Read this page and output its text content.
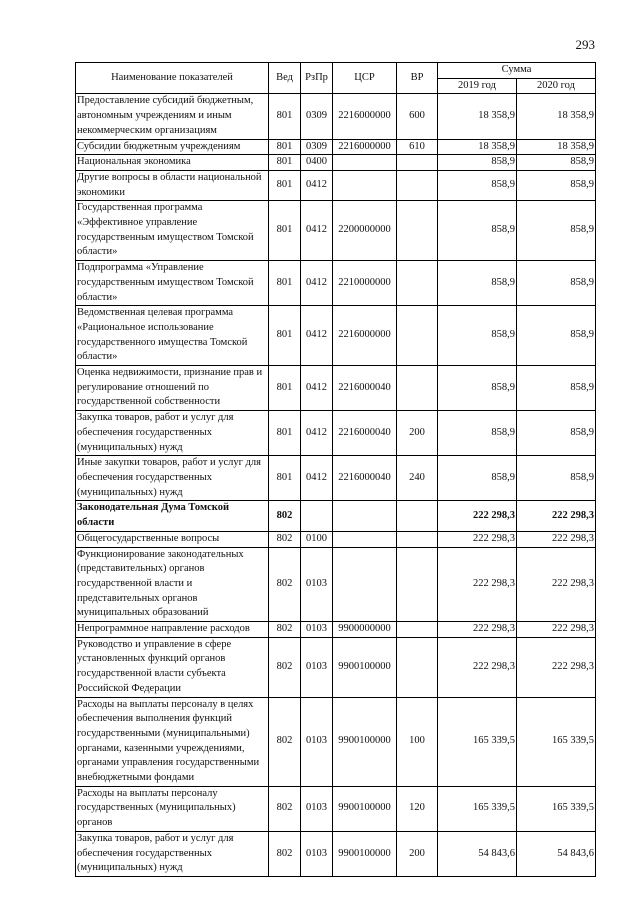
293
Наименование показателей	Вед	РзПр	ЦСР	ВР	Сумма	
					2019 год	2020 год
Предоставление субсидий бюджетным, автономным учреждениям и иным некоммерческим организациям	801	0309	2216000000	600	18 358,9	18 358,9
Субсидии бюджетным учреждениям	801	0309	2216000000	610	18 358,9	18 358,9
Национальная экономика	801	0400			858,9	858,9
Другие вопросы в области национальной экономики	801	0412			858,9	858,9
Государственная программа «Эффективное управление государственным имуществом Томской области»	801	0412	2200000000		858,9	858,9
Подпрограмма «Управление государственным имуществом Томской области»	801	0412	2210000000		858,9	858,9
Ведомственная целевая программа «Рациональное использование государственного имущества Томской области»	801	0412	2216000000		858,9	858,9
Оценка недвижимости, признание прав и регулирование отношений по государственной собственности	801	0412	2216000040		858,9	858,9
Закупка товаров, работ и услуг для обеспечения государственных (муниципальных) нужд	801	0412	2216000040	200	858,9	858,9
Иные закупки товаров, работ и услуг для обеспечения государственных (муниципальных) нужд	801	0412	2216000040	240	858,9	858,9
Законодательная Дума Томской области	802				222 298,3	222 298,3
Общегосударственные вопросы	802	0100			222 298,3	222 298,3
Функционирование законодательных (представительных) органов государственной власти и представительных органов муниципальных образований	802	0103			222 298,3	222 298,3
Непрограммное направление расходов	802	0103	9900000000		222 298,3	222 298,3
Руководство и управление в сфере установленных функций органов государственной власти субъекта Российской Федерации	802	0103	9900100000		222 298,3	222 298,3
Расходы на выплаты персоналу в целях обеспечения выполнения функций государственными (муниципальными) органами, казенными учреждениями, органами управления государственными внебюджетными фондами	802	0103	9900100000	100	165 339,5	165 339,5
Расходы на выплаты персоналу государственных (муниципальных) органов	802	0103	9900100000	120	165 339,5	165 339,5
Закупка товаров, работ и услуг для обеспечения государственных (муниципальных) нужд	802	0103	9900100000	200	54 843,6	54 843,6
